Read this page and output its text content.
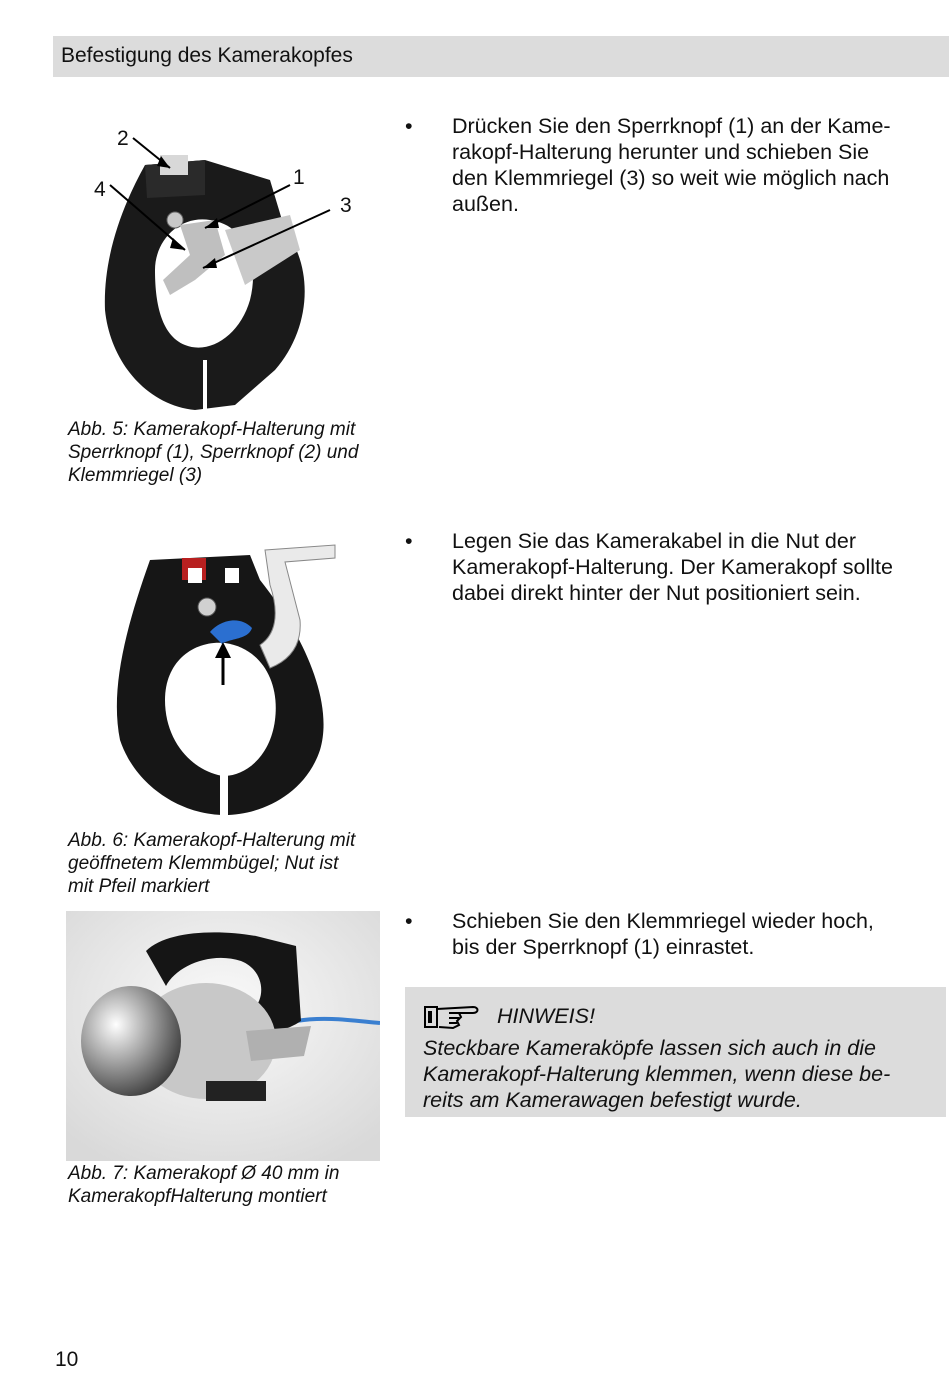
Befestigung des Kamerakopfes
2
4
1
3
Abb. 5: Kamerakopf-Halterung mit
Sperrknopf (1), Sperrknopf (2) und
Klemmriegel (3)
Abb. 6: Kamerakopf-Halterung mit
geöffnetem Klemmbügel; Nut ist
mit Pfeil markiert
Abb. 7: Kamerakopf Ø 40 mm in
KamerakopfHalterung montiert
• Drücken Sie den Sperrknopf (1) an der Kame-
rakopf-Halterung herunter und schieben Sie
den Klemmriegel (3) so weit wie möglich nach
außen.
• Legen Sie das Kamerakabel in die Nut der
Kamerakopf-Halterung. Der Kamerakopf sollte
dabei direkt hinter der Nut positioniert sein.
• Schieben Sie den Klemmriegel wieder hoch,
bis der Sperrknopf (1) einrastet.
HINWEIS!
Steckbare Kameraköpfe lassen sich auch in die
Kamerakopf-Halterung klemmen, wenn diese be-
reits am Kamerawagen befestigt wurde.
10
